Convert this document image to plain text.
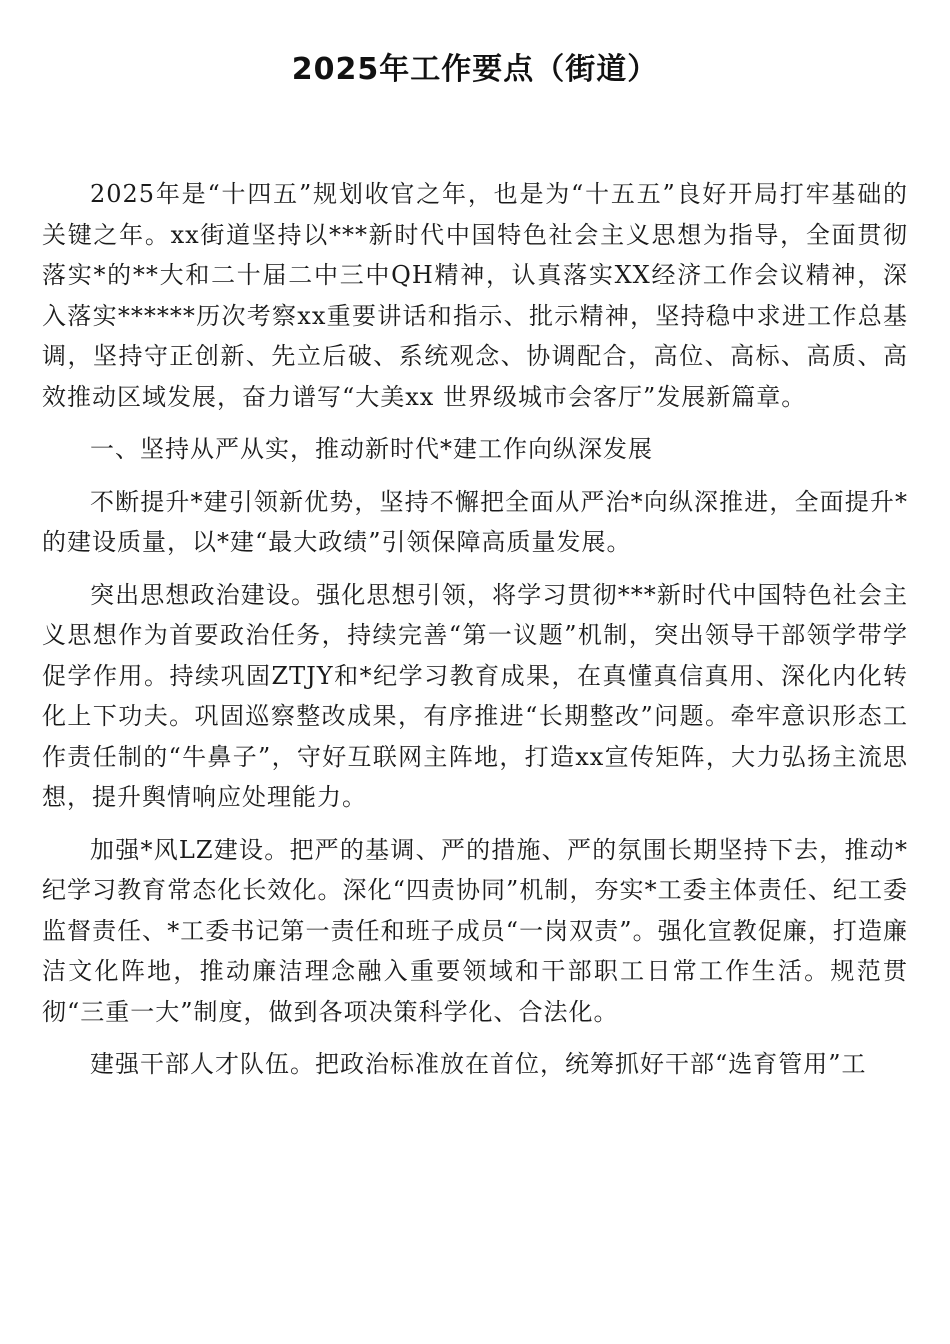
2025年工作要点（街道）

2025年是“十四五”规划收官之年，也是为“十五五”良好开局打牢基础的关键之年。xx街道坚持以***新时代中国特色社会主义思想为指导，全面贯彻落实*的**大和二十届二中三中QH精神，认真落实XX经济工作会议精神，深入落实******历次考察xx重要讲话和指示、批示精神，坚持稳中求进工作总基调，坚持守正创新、先立后破、系统观念、协调配合，高位、高标、高质、高效推动区域发展，奋力谱写“大美xx 世界级城市会客厅”发展新篇章。

一、坚持从严从实，推动新时代*建工作向纵深发展

不断提升*建引领新优势，坚持不懈把全面从严治*向纵深推进，全面提升*的建设质量，以*建“最大政绩”引领保障高质量发展。

突出思想政治建设。强化思想引领，将学习贯彻***新时代中国特色社会主义思想作为首要政治任务，持续完善“第一议题”机制，突出领导干部领学带学促学作用。持续巩固ZTJY和*纪学习教育成果，在真懂真信真用、深化内化转化上下功夫。巩固巡察整改成果，有序推进“长期整改”问题。牵牢意识形态工作责任制的“牛鼻子”，守好互联网主阵地，打造xx宣传矩阵，大力弘扬主流思想，提升舆情响应处理能力。

加强*风LZ建设。把严的基调、严的措施、严的氛围长期坚持下去，推动*纪学习教育常态化长效化。深化“四责协同”机制，夯实*工委主体责任、纪工委监督责任、*工委书记第一责任和班子成员“一岗双责”。强化宣教促廉，打造廉洁文化阵地，推动廉洁理念融入重要领域和干部职工日常工作生活。规范贯彻“三重一大”制度，做到各项决策科学化、合法化。

建强干部人才队伍。把政治标准放在首位，统筹抓好干部“选育管用”工
